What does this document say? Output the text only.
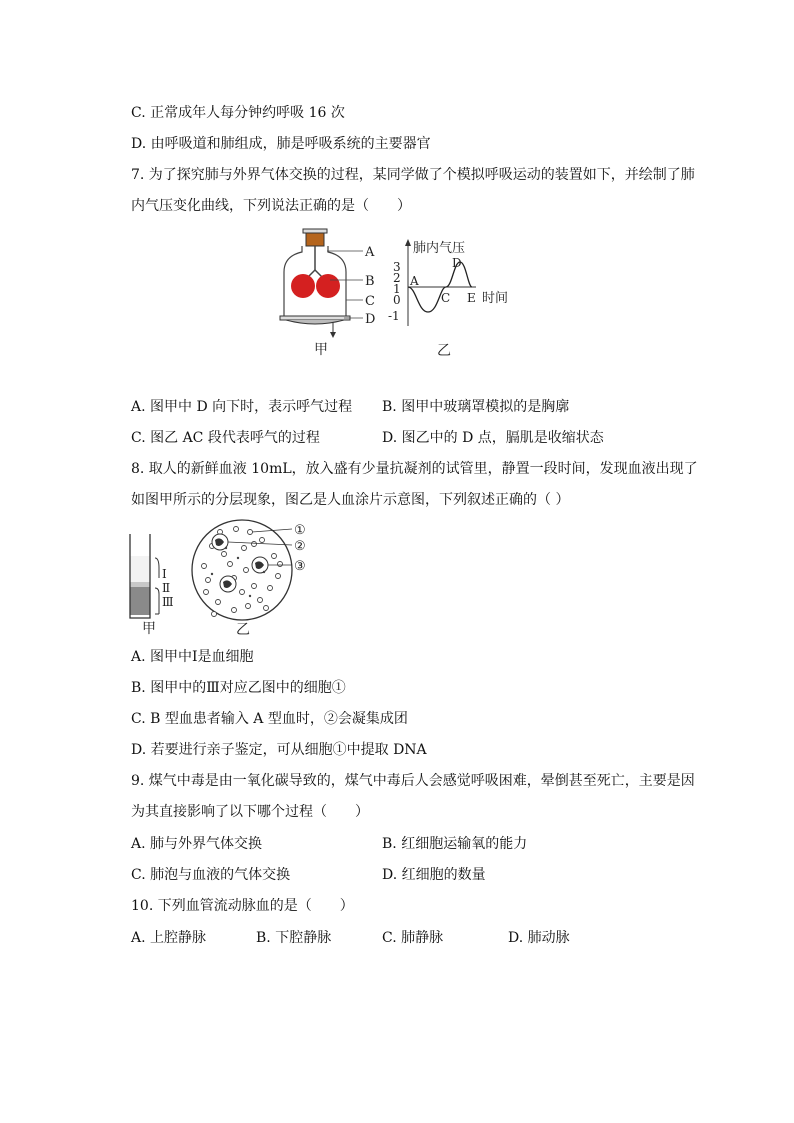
C. 正常成年人每分钟约呼吸 16 次
D. 由呼吸道和肺组成，肺是呼吸系统的主要器官
7. 为了探究肺与外界气体交换的过程，某同学做了个模拟呼吸运动的装置如下，并绘制了肺
内气压变化曲线，下列说法正确的是（　　）
A
B
C
D
甲
肺内气压
时间
3
2
1
0
-1
A
C
D
E
乙
A. 图甲中 D 向下时，表示呼气过程 B. 图甲中玻璃罩模拟的是胸廓
C. 图乙 AC 段代表呼气的过程	D. 图乙中的 D 点，膈肌是收缩状态
8. 取人的新鲜血液 10mL，放入盛有少量抗凝剂的试管里，静置一段时间，发现血液出现了
如图甲所示的分层现象，图乙是人血涂片示意图，下列叙述正确的（ ）
Ⅰ
Ⅱ
Ⅲ
甲
①
②
③
乙
A. 图甲中Ⅰ是血细胞
B. 图甲中的Ⅲ对应乙图中的细胞①
C. B 型血患者输入 A 型血时，②会凝集成团
D. 若要进行亲子鉴定，可从细胞①中提取 DNA
9. 煤气中毒是由一氧化碳导致的，煤气中毒后人会感觉呼吸困难，晕倒甚至死亡，主要是因
为其直接影响了以下哪个过程（　　）
A. 肺与外界气体交换	B. 红细胞运输氧的能力
C. 肺泡与血液的气体交换	D. 红细胞的数量
10. 下列血管流动脉血的是（　　）
A. 上腔静脉	B. 下腔静脉	C. 肺静脉	D. 肺动脉
